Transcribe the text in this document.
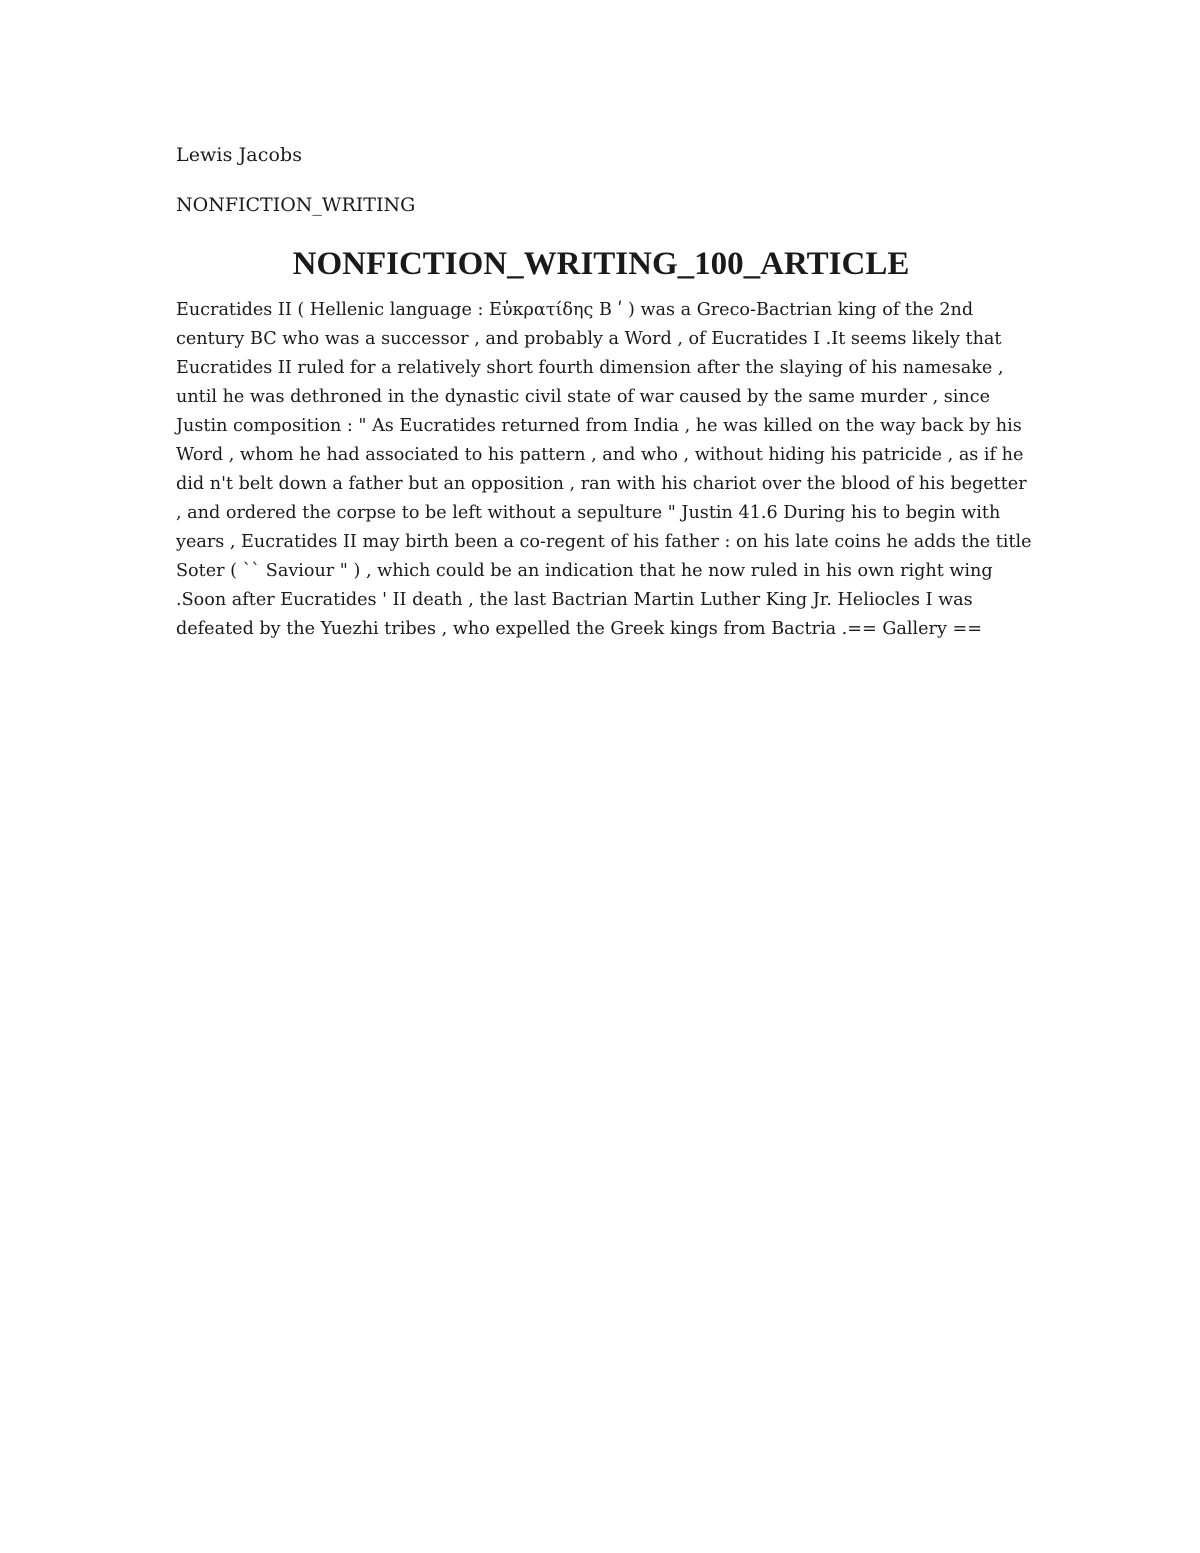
Lewis Jacobs

NONFICTION_WRITING

NONFICTION_WRITING_100_ARTICLE

Eucratides II ( Hellenic language : Εὐκρατίδης Β ʹ ) was a Greco-Bactrian king of the 2nd century BC who was a successor , and probably a Word , of Eucratides I .It seems likely that Eucratides II ruled for a relatively short fourth dimension after the slaying of his namesake , until he was dethroned in the dynastic civil state of war caused by the same murder , since Justin composition : " As Eucratides returned from India , he was killed on the way back by his Word , whom he had associated to his pattern , and who , without hiding his patricide , as if he did n't belt down a father but an opposition , ran with his chariot over the blood of his begetter , and ordered the corpse to be left without a sepulture " Justin 41.6 During his to begin with years , Eucratides II may birth been a co-regent of his father : on his late coins he adds the title Soter ( `` Saviour " ) , which could be an indication that he now ruled in his own right wing .Soon after Eucratides ' II death , the last Bactrian Martin Luther King Jr. Heliocles I was defeated by the Yuezhi tribes , who expelled the Greek kings from Bactria .== Gallery ==
